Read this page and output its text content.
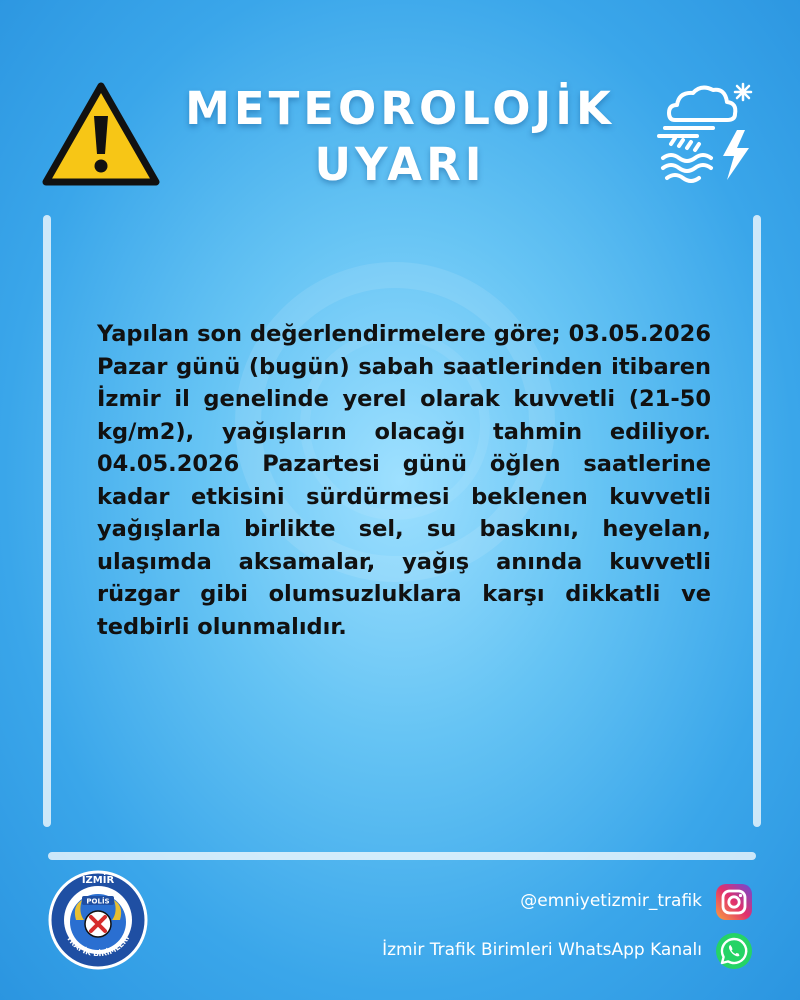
METEOROLOJİK
UYARI
Yapılan son değerlendirmelere göre; 03.05.2026 Pazar günü (bugün) sabah saatlerinden itibaren İzmir il genelinde yerel olarak kuvvetli (21-50 kg/m2), yağışların olacağı tahmin ediliyor. 04.05.2026 Pazartesi günü öğlen saatlerine kadar etkisini sürdürmesi beklenen kuvvetli yağışlarla birlikte sel, su baskını, heyelan, ulaşımda aksamalar, yağış anında kuvvetli rüzgar gibi olumsuzluklara karşı dikkatli ve tedbirli olunmalıdır.
POLİS
İZMİR
TRAFİK BİRİMLERİ
@emniyetizmir_trafik
İzmir Trafik Birimleri WhatsApp Kanalı
